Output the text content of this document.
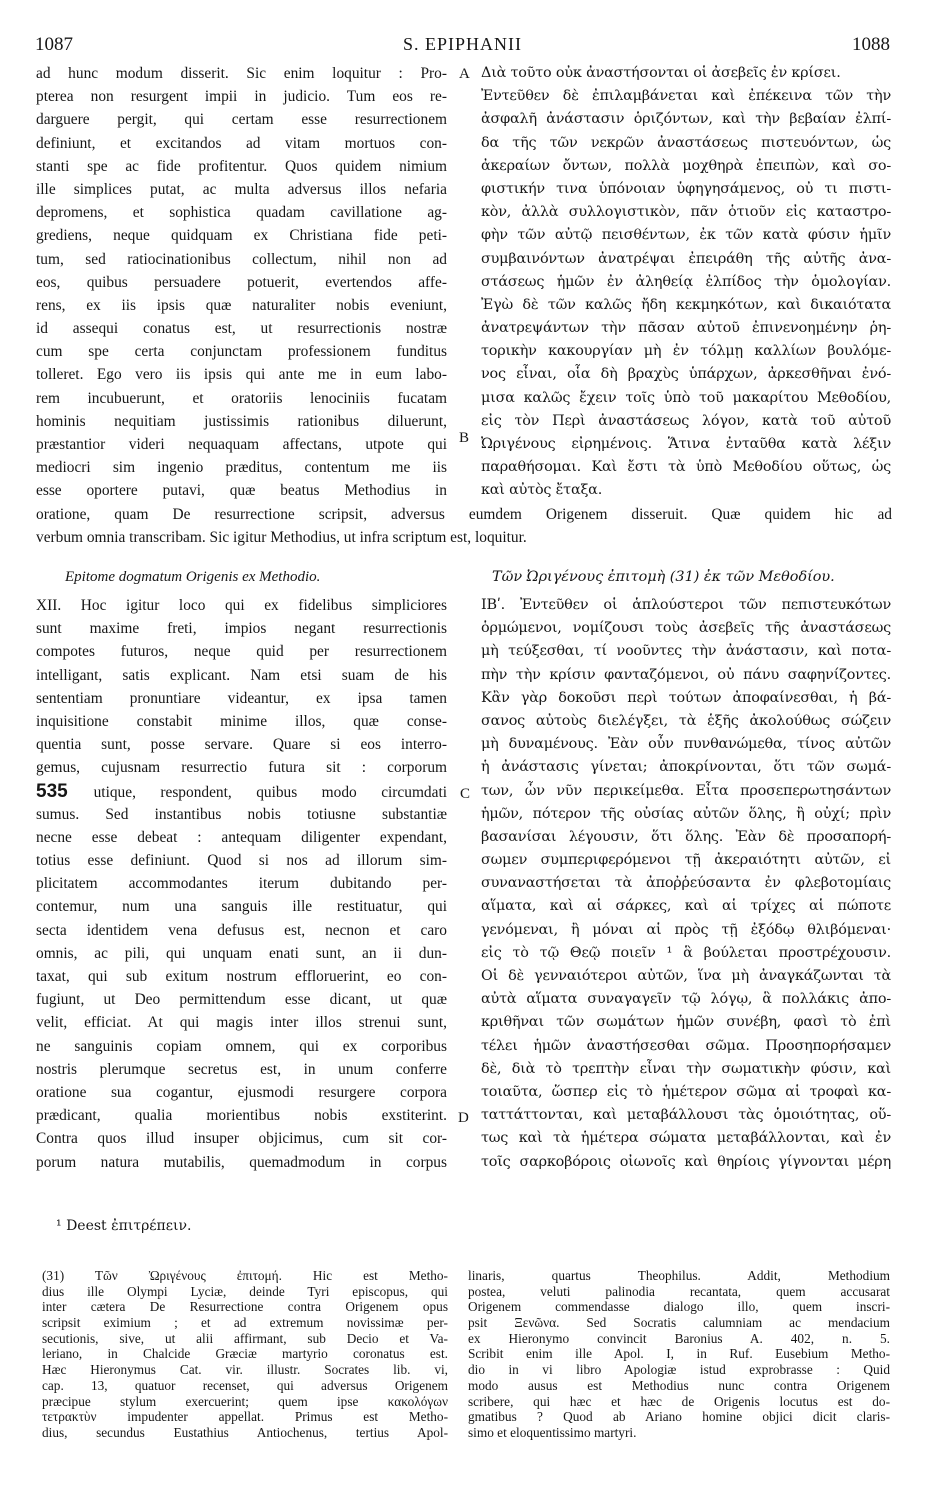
1087	S. EPIPHANII	1088
ad hunc modum disserit. Sic enim loquitur : Pro-
pterea non resurgent impii in judicio. Tum eos re-
darguere pergit, qui certam esse resurrectionem
definiunt, et excitandos ad vitam mortuos con-
stanti spe ac fide profitentur. Quos quidem nimium
ille simplices putat, ac multa adversus illos nefaria
depromens, et sophistica quadam cavillatione ag-
grediens, neque quidquam ex Christiana fide peti-
tum, sed ratiocinationibus collectum, nihil non ad
eos, quibus persuadere potuerit, evertendos affe-
rens, ex iis ipsis quæ naturaliter nobis eveniunt,
id assequi conatus est, ut resurrectionis nostræ
cum spe certa conjunctam professionem funditus
tolleret. Ego vero iis ipsis qui ante me in eum labo-
rem incubuerunt, et oratoriis lenociniis fucatam
hominis nequitiam justissimis rationibus diluerunt,
præstantior videri nequaquam affectans, utpote qui
mediocri sim ingenio præditus, contentum me iis
esse oportere putavi, quæ beatus Methodius in
Διὰ τοῦτο οὐκ ἀναστήσονται οἱ ἀσεβεῖς ἐν κρίσει.
Ἐντεῦθεν δὲ ἐπιλαμβάνεται καὶ ἐπέκεινα τῶν τὴν
ἀσφαλῆ ἀνάστασιν ὁριζόντων, καὶ τὴν βεβαίαν ἐλπί-
δα τῆς τῶν νεκρῶν ἀναστάσεως πιστευόντων, ὡς
ἀκεραίων ὄντων, πολλὰ μοχθηρὰ ἐπειπὼν, καὶ σο-
φιστικήν τινα ὑπόνοιαν ὑφηγησάμενος, οὐ τι πιστι-
κὸν, ἀλλὰ συλλογιστικὸν, πᾶν ὁτιοῦν εἰς καταστρο-
φὴν τῶν αὐτῷ πεισθέντων, ἐκ τῶν κατὰ φύσιν ἡμῖν
συμβαινόντων ἀνατρέψαι ἐπειράθη τῆς αὐτῆς ἀνα-
στάσεως ἡμῶν ἐν ἀληθείᾳ ἐλπίδος τὴν ὁμολογίαν.
Ἐγὼ δὲ τῶν καλῶς ἤδη κεκμηκότων, καὶ δικαιότατα
ἀνατρεψάντων τὴν πᾶσαν αὐτοῦ ἐπινενοημένην ῥη-
τορικὴν κακουργίαν μὴ ἐν τόλμῃ καλλίων βουλόμε-
νος εἶναι, οἷα δὴ βραχὺς ὑπάρχων, ἀρκεσθῆναι ἐνό-
μισα καλῶς ἔχειν τοῖς ὑπὸ τοῦ μακαρίτου Μεθοδίου,
εἰς τὸν Περὶ ἀναστάσεως λόγον, κατὰ τοῦ αὐτοῦ
Ὠριγένους εἰρημένοις. Ἅτινα ἐνταῦθα κατὰ λέξιν
παραθήσομαι. Καὶ ἔστι τὰ ὑπὸ Μεθοδίου οὕτως, ὡς
καὶ αὐτὸς ἔταξα.
A
B
oratione, quam De resurrectione scripsit, adversus eumdem Origenem disseruit. Quæ quidem hic ad
verbum omnia transcribam. Sic igitur Methodius, ut infra scriptum est, loquitur.
Epitome dogmatum Origenis ex Methodio.	Τῶν Ὠριγένους ἐπιτομὴ (31) ἐκ τῶν Μεθοδίου.
XII. Hoc igitur loco qui ex fidelibus simpliciores
sunt maxime freti, impios negant resurrectionis
compotes futuros, neque quid per resurrectionem
intelligant, satis explicant. Nam etsi suam de his
sententiam pronuntiare videantur, ex ipsa tamen
inquisitione constabit minime illos, quæ conse-
quentia sunt, posse servare. Quare si eos interro-
gemus, cujusnam resurrectio futura sit : corporum
535 utique, respondent, quibus modo circumdati
sumus. Sed instantibus nobis totiusne substantiæ
necne esse debeat : antequam diligenter expendant,
totius esse definiunt. Quod si nos ad illorum sim-
plicitatem accommodantes iterum dubitando per-
contemur, num una sanguis ille restituatur, qui
secta identidem vena defusus est, necnon et caro
omnis, ac pili, qui unquam enati sunt, an ii dun-
taxat, qui sub exitum nostrum effloruerint, eo con-
fugiunt, ut Deo permittendum esse dicant, ut quæ
velit, efficiat. At qui magis inter illos strenui sunt,
ne sanguinis copiam omnem, qui ex corporibus
nostris plerumque secretus est, in unum conferre
oratione sua cogantur, ejusmodi resurgere corpora
prædicant, qualia morientibus nobis exstiterint.
Contra quos illud insuper objicimus, cum sit cor-
porum natura mutabilis, quemadmodum in corpus
ΙΒʹ. Ἐντεῦθεν οἱ ἁπλούστεροι τῶν πεπιστευκότων
ὁρμώμενοι, νομίζουσι τοὺς ἀσεβεῖς τῆς ἀναστάσεως
μὴ τεύξεσθαι, τί νοοῦντες τὴν ἀνάστασιν, καὶ ποτα-
πὴν τὴν κρίσιν φανταζόμενοι, οὐ πάνυ σαφηνίζοντες.
Κἂν γὰρ δοκοῦσι περὶ τούτων ἀποφαίνεσθαι, ἡ βά-
σανος αὐτοὺς διελέγξει, τὰ ἑξῆς ἀκολούθως σώζειν
μὴ δυναμένους. Ἐὰν οὖν πυνθανώμεθα, τίνος αὐτῶν
ἡ ἀνάστασις γίνεται; ἀποκρίνονται, ὅτι τῶν σωμά-
των, ὧν νῦν περικείμεθα. Εἶτα προσεπερωτησάντων
ἡμῶν, πότερον τῆς οὐσίας αὐτῶν ὅλης, ἢ οὐχί; πρὶν
βασανίσαι λέγουσιν, ὅτι ὅλης. Ἐὰν δὲ προσαπορή-
σωμεν συμπεριφερόμενοι τῇ ἀκεραιότητι αὐτῶν, εἰ
συναναστήσεται τὰ ἀποῤῥεύσαντα ἐν φλεβοτομίαις
αἵματα, καὶ αἱ σάρκες, καὶ αἱ τρίχες αἱ πώποτε
γενόμεναι, ἢ μόναι αἱ πρὸς τῇ ἐξόδῳ θλιβόμεναι·
εἰς τὸ τῷ Θεῷ ποιεῖν ¹ ἃ βούλεται προστρέχουσιν.
Οἱ δὲ γενναιότεροι αὐτῶν, ἵνα μὴ ἀναγκάζωνται τὰ
αὐτὰ αἵματα συναγαγεῖν τῷ λόγῳ, ἃ πολλάκις ἀπο-
κριθῆναι τῶν σωμάτων ἡμῶν συνέβη, φασὶ τὸ ἐπὶ
τέλει ἡμῶν ἀναστήσεσθαι σῶμα. Προσηπορήσαμεν
δὲ, διὰ τὸ τρεπτὴν εἶναι τὴν σωματικὴν φύσιν, καὶ
τοιαῦτα, ὥσπερ εἰς τὸ ἡμέτερον σῶμα αἱ τροφαὶ κα-
ταττάττονται, καὶ μεταβάλλουσι τὰς ὁμοιότητας, οὕ-
τως καὶ τὰ ἡμέτερα σώματα μεταβάλλονται, καὶ ἐν
τοῖς σαρκοβόροις οἰωνοῖς καὶ θηρίοις γίγνονται μέρη
C
D
¹ Deest ἐπιτρέπειν.
(31) Τῶν Ὠριγένους ἐπιτομή. Hic est Metho-
dius ille Olympi Lyciæ, deinde Tyri episcopus, qui
inter cætera De Resurrectione contra Origenem opus
scripsit eximium ; et ad extremum novissimæ per-
secutionis, sive, ut alii affirmant, sub Decio et Va-
leriano, in Chalcide Græciæ martyrio coronatus est.
Hæc Hieronymus Cat. vir. illustr. Socrates lib. vi,
cap. 13, quatuor recenset, qui adversus Origenem
præcipue stylum exercuerint; quem ipse κακολόγων
τετρακτὺν impudenter appellat. Primus est Metho-
dius, secundus Eustathius Antiochenus, tertius Apol-
linaris, quartus Theophilus. Addit, Methodium
postea, veluti palinodia recantata, quem accusarat
Origenem commendasse dialogo illo, quem inscri-
psit Ξενῶνα. Sed Socratis calumniam ac mendacium
ex Hieronymo convincit Baronius A. 402, n. 5.
Scribit enim ille Apol. I, in Ruf. Eusebium Metho-
dio in vi libro Apologiæ istud exprobrasse : Quid
modo ausus est Methodius nunc contra Origenem
scribere, qui hæc et hæc de Origenis locutus est do-
gmatibus ? Quod ab Ariano homine objici dicit claris-
simo et eloquentissimo martyri.
